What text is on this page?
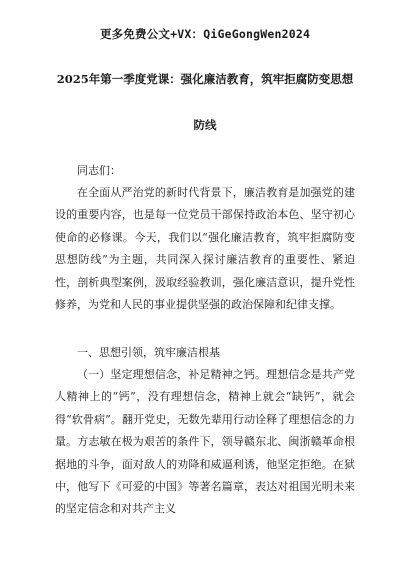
更多免费公文+VX：QiGeGongWen2024
2025年第一季度党课：强化廉洁教育，筑牢拒腐防变思想
防线

同志们：

在全面从严治党的新时代背景下，廉洁教育是加强党的建设的重要内容，也是每一位党员干部保持政治本色、坚守初心使命的必修课。今天，我们以“强化廉洁教育，筑牢拒腐防变思想防线”为主题，共同深入探讨廉洁教育的重要性、紧迫性，剖析典型案例，汲取经验教训，强化廉洁意识，提升党性修养，为党和人民的事业提供坚强的政治保障和纪律支撑。

一、思想引领，筑牢廉洁根基

（一）坚定理想信念，补足精神之钙。理想信念是共产党人精神上的“钙”，没有理想信念，精神上就会“缺钙”，就会得“软骨病”。翻开党史，无数先辈用行动诠释了理想信念的力量。方志敏在极为艰苦的条件下，领导赣东北、闽浙赣革命根据地的斗争，面对敌人的劝降和威逼利诱，他坚定拒绝。在狱中，他写下《可爱的中国》等著名篇章，表达对祖国光明未来的坚定信念和对共产主义
